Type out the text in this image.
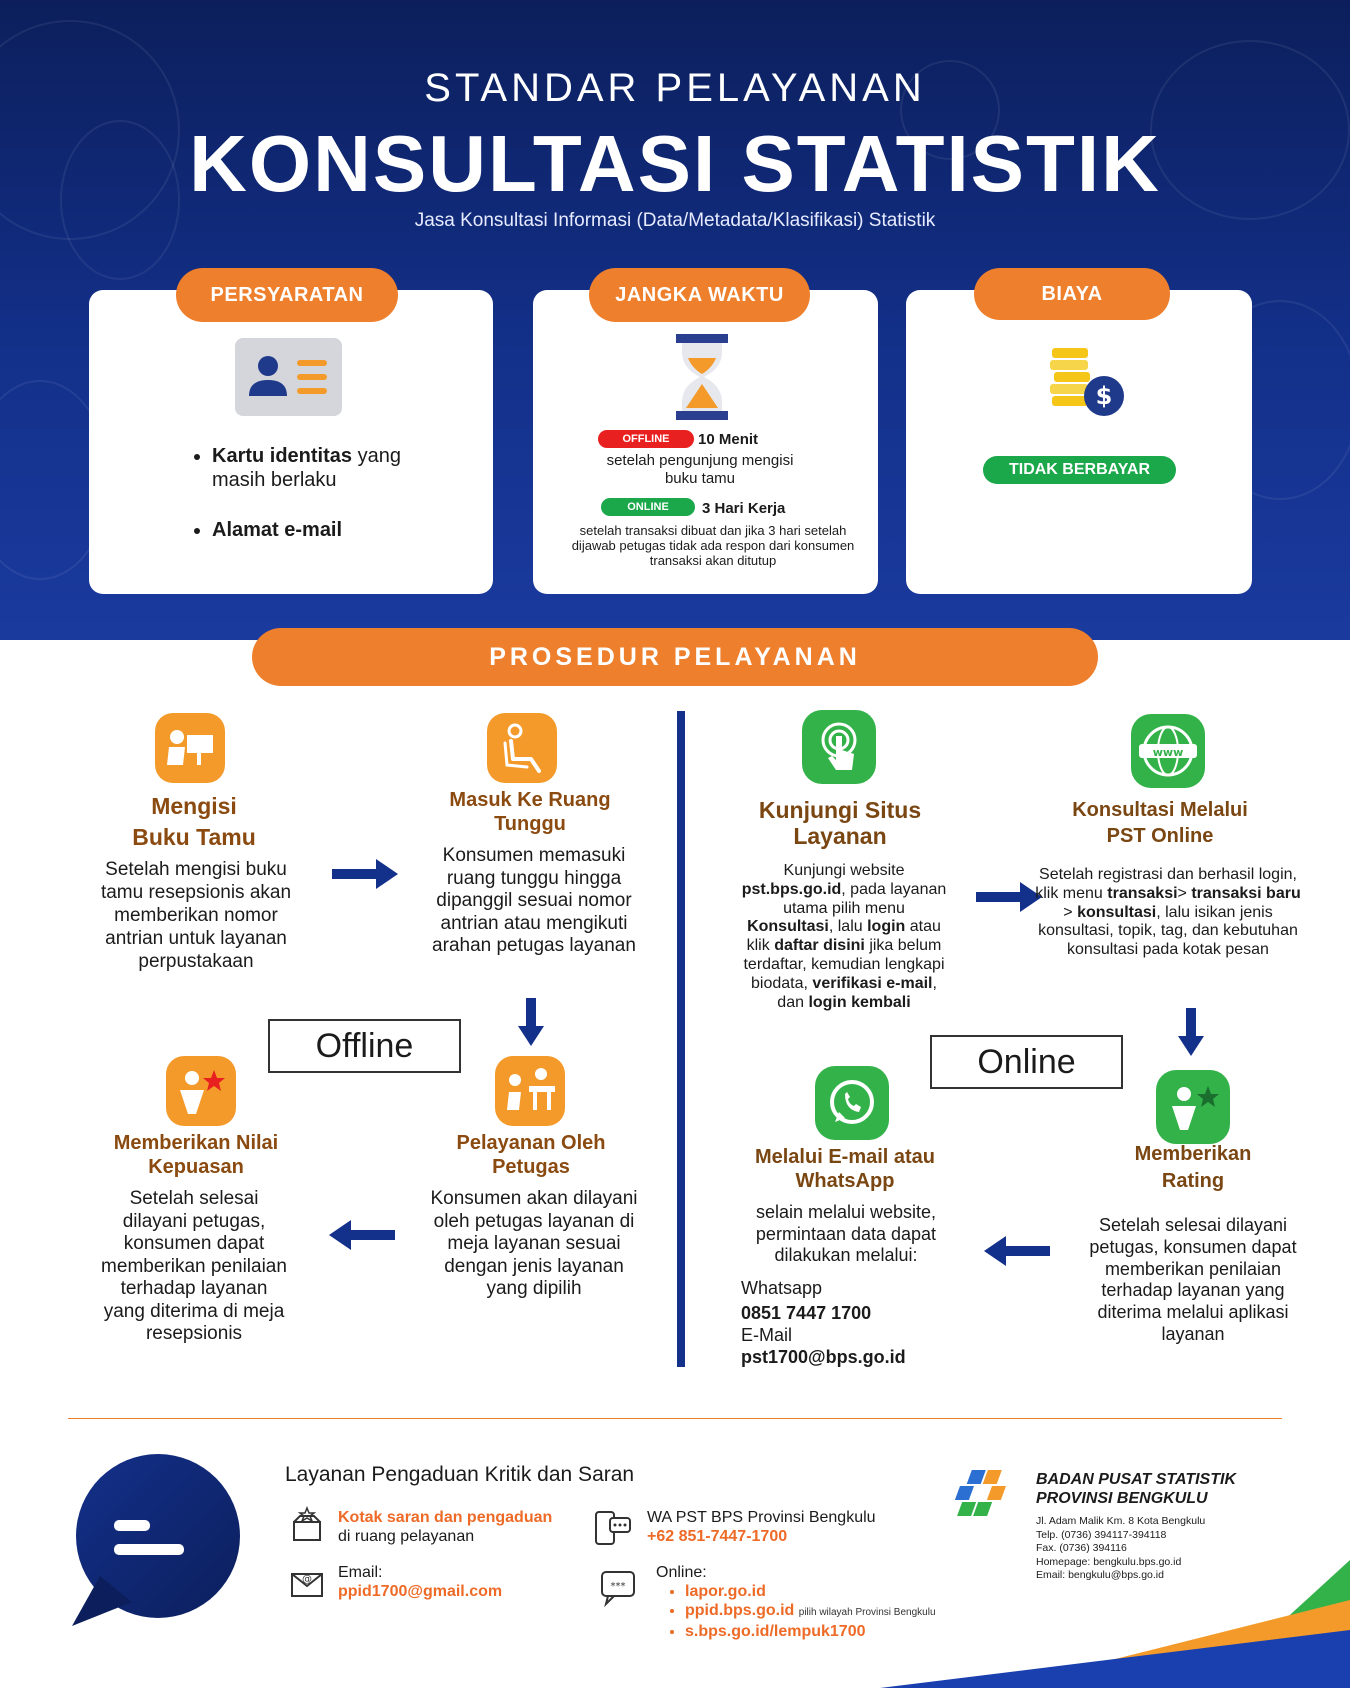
STANDAR PELAYANAN
KONSULTASI STATISTIK
Jasa Konsultasi Informasi (Data/Metadata/Klasifikasi) Statistik
PERSYARATAN
• Kartu identitas yang masih berlaku
• Alamat e-mail
JANGKA WAKTU
OFFLINE	10 Menit
setelah pengunjung mengisi buku tamu
ONLINE	3 Hari Kerja
setelah transaksi dibuat dan jika 3 hari setelah dijawab petugas tidak ada respon dari konsumen transaksi akan ditutup
BIAYA
$
TIDAK BERBAYAR
PROSEDUR PELAYANAN
Mengisi
Buku Tamu
Setelah mengisi buku tamu resepsionis akan memberikan nomor antrian untuk layanan perpustakaan
Masuk Ke Ruang
Tunggu
Konsumen memasuki ruang tunggu hingga dipanggil sesuai nomor antrian atau mengikuti arahan petugas layanan
Offline
Pelayanan Oleh
Petugas
Konsumen akan dilayani oleh petugas layanan di meja layanan sesuai dengan jenis layanan yang dipilih
Memberikan Nilai
Kepuasan
Setelah selesai dilayani petugas, konsumen dapat memberikan penilaian terhadap layanan yang diterima di meja resepsionis
Kunjungi Situs
Layanan
Kunjungi website pst.bps.go.id, pada layanan utama pilih menu Konsultasi, lalu login atau klik daftar disini jika belum terdaftar, kemudian lengkapi biodata, verifikasi e-mail, dan login kembali
www
Konsultasi Melalui
PST Online
Setelah registrasi dan berhasil login, klik menu transaksi> transaksi baru > konsultasi, lalu isikan jenis konsultasi, topik, tag, dan kebutuhan konsultasi pada kotak pesan
Online
Memberikan
Rating
Setelah selesai dilayani petugas, konsumen dapat memberikan penilaian terhadap layanan yang diterima melalui aplikasi layanan
Melalui E-mail atau
WhatsApp
selain melalui website, permintaan data dapat dilakukan melalui:
Whatsapp
0851 7447 1700
E-Mail
pst1700@bps.go.id
Layanan Pengaduan Kritik dan Saran
Kotak saran dan pengaduan
di ruang pelayanan
@ Email:
ppid1700@gmail.com
WA PST BPS Provinsi Bengkulu
+62 851-7447-1700
***
Online:
• lapor.go.id
• ppid.bps.go.id pilih wilayah Provinsi Bengkulu
• s.bps.go.id/lempuk1700
BADAN PUSAT STATISTIK
PROVINSI BENGKULU
Jl. Adam Malik Km. 8 Kota Bengkulu
Telp. (0736) 394117-394118
Fax. (0736) 394116
Homepage: bengkulu.bps.go.id
Email: bengkulu@bps.go.id
